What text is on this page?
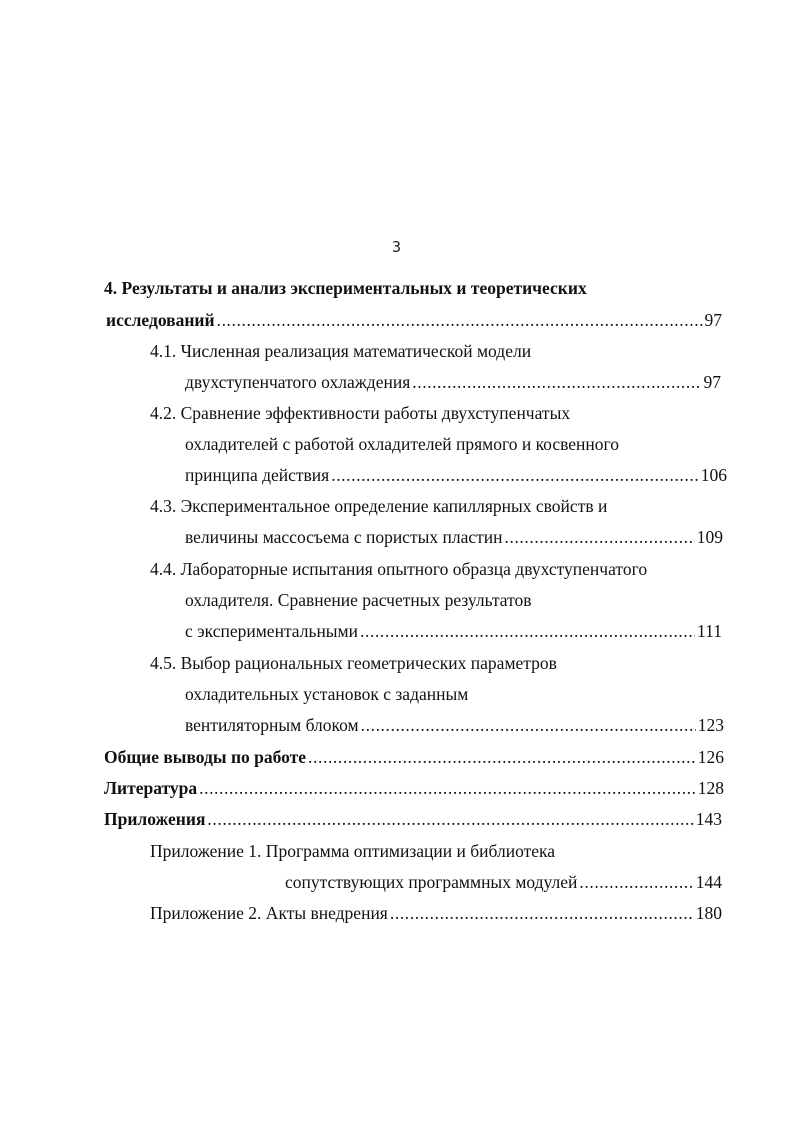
3
4. Результаты и анализ экспериментальных и теоретических
исследований .....	97
4.1. Численная реализация математической модели
двухступенчатого охлаждения .....	97
4.2. Сравнение эффективности работы двухступенчатых
охладителей с работой охладителей прямого и косвенного
принципа действия .....	106
4.3. Экспериментальное определение капиллярных свойств и
величины массосъема с пористых пластин .....	109
4.4. Лабораторные испытания опытного образца двухступенчатого
охладителя. Сравнение расчетных результатов
с экспериментальными .....	111
4.5. Выбор рациональных геометрических параметров
охладительных установок с заданным
вентиляторным блоком .....	123
Общие выводы по работе .....	126
Литература .....	128
Приложения .....	143
Приложение 1. Программа оптимизации и библиотека
сопутствующих программных модулей .....	144
Приложение 2. Акты внедрения .....	180
